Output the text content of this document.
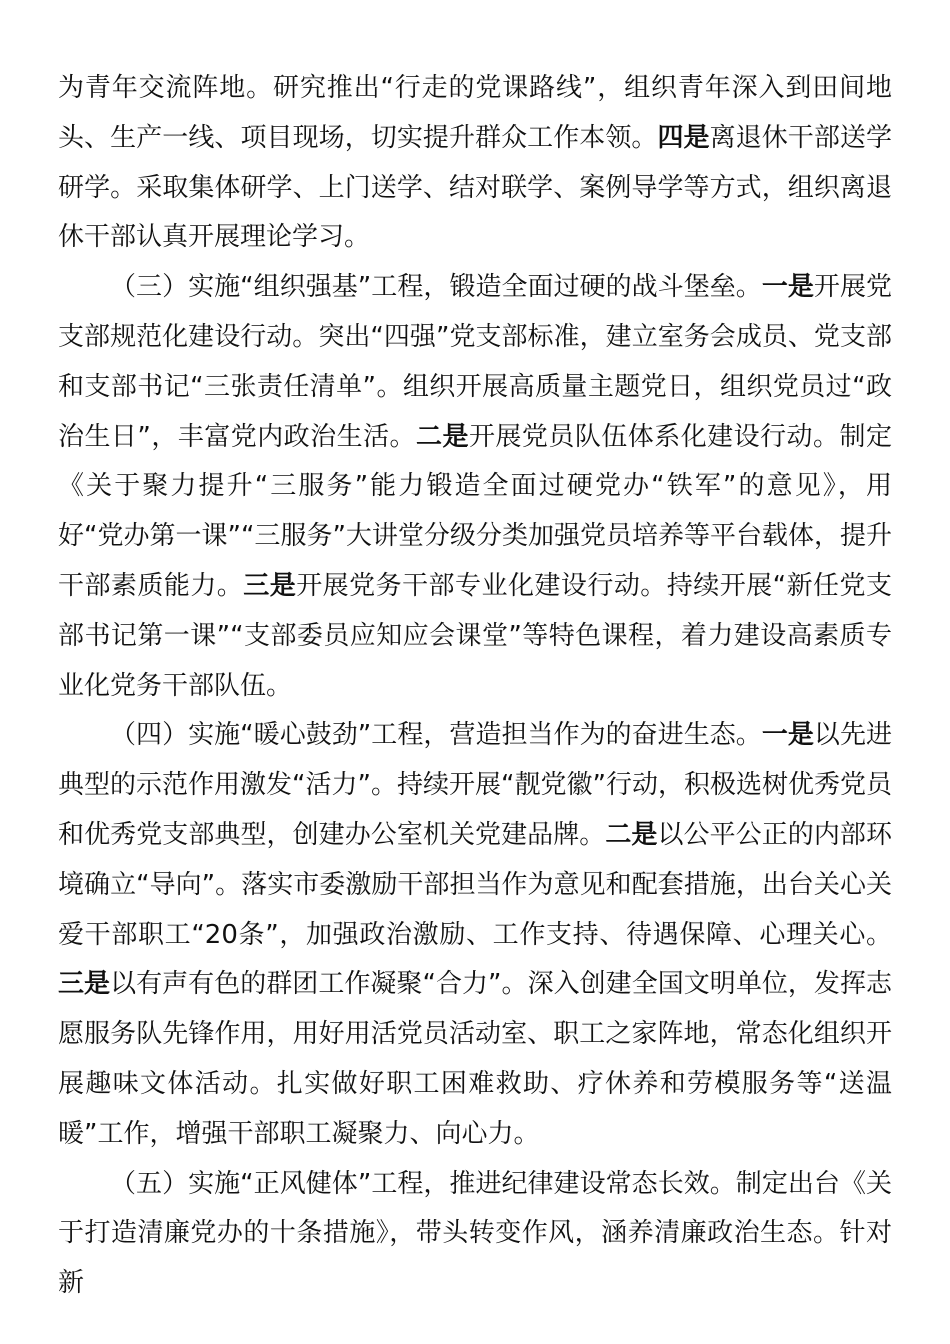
为青年交流阵地。研究推出“行走的党课路线”，组织青年深入到田间地头、生产一线、项目现场，切实提升群众工作本领。四是离退休干部送学研学。采取集体研学、上门送学、结对联学、案例导学等方式，组织离退休干部认真开展理论学习。

（三）实施“组织强基”工程，锻造全面过硬的战斗堡垒。一是开展党支部规范化建设行动。突出“四强”党支部标准，建立室务会成员、党支部和支部书记“三张责任清单”。组织开展高质量主题党日，组织党员过“政治生日”，丰富党内政治生活。二是开展党员队伍体系化建设行动。制定《关于聚力提升“三服务”能力锻造全面过硬党办“铁军”的意见》，用好“党办第一课”“三服务”大讲堂分级分类加强党员培养等平台载体，提升干部素质能力。三是开展党务干部专业化建设行动。持续开展“新任党支部书记第一课”“支部委员应知应会课堂”等特色课程，着力建设高素质专业化党务干部队伍。

（四）实施“暖心鼓劲”工程，营造担当作为的奋进生态。一是以先进典型的示范作用激发“活力”。持续开展“靓党徽”行动，积极选树优秀党员和优秀党支部典型，创建办公室机关党建品牌。二是以公平公正的内部环境确立“导向”。落实市委激励干部担当作为意见和配套措施，出台关心关爱干部职工“20条”，加强政治激励、工作支持、待遇保障、心理关心。三是以有声有色的群团工作凝聚“合力”。深入创建全国文明单位，发挥志愿服务队先锋作用，用好用活党员活动室、职工之家阵地，常态化组织开展趣味文体活动。扎实做好职工困难救助、疗休养和劳模服务等“送温暖”工作，增强干部职工凝聚力、向心力。

（五）实施“正风健体”工程，推进纪律建设常态长效。制定出台《关于打造清廉党办的十条措施》，带头转变作风，涵养清廉政治生态。针对新
